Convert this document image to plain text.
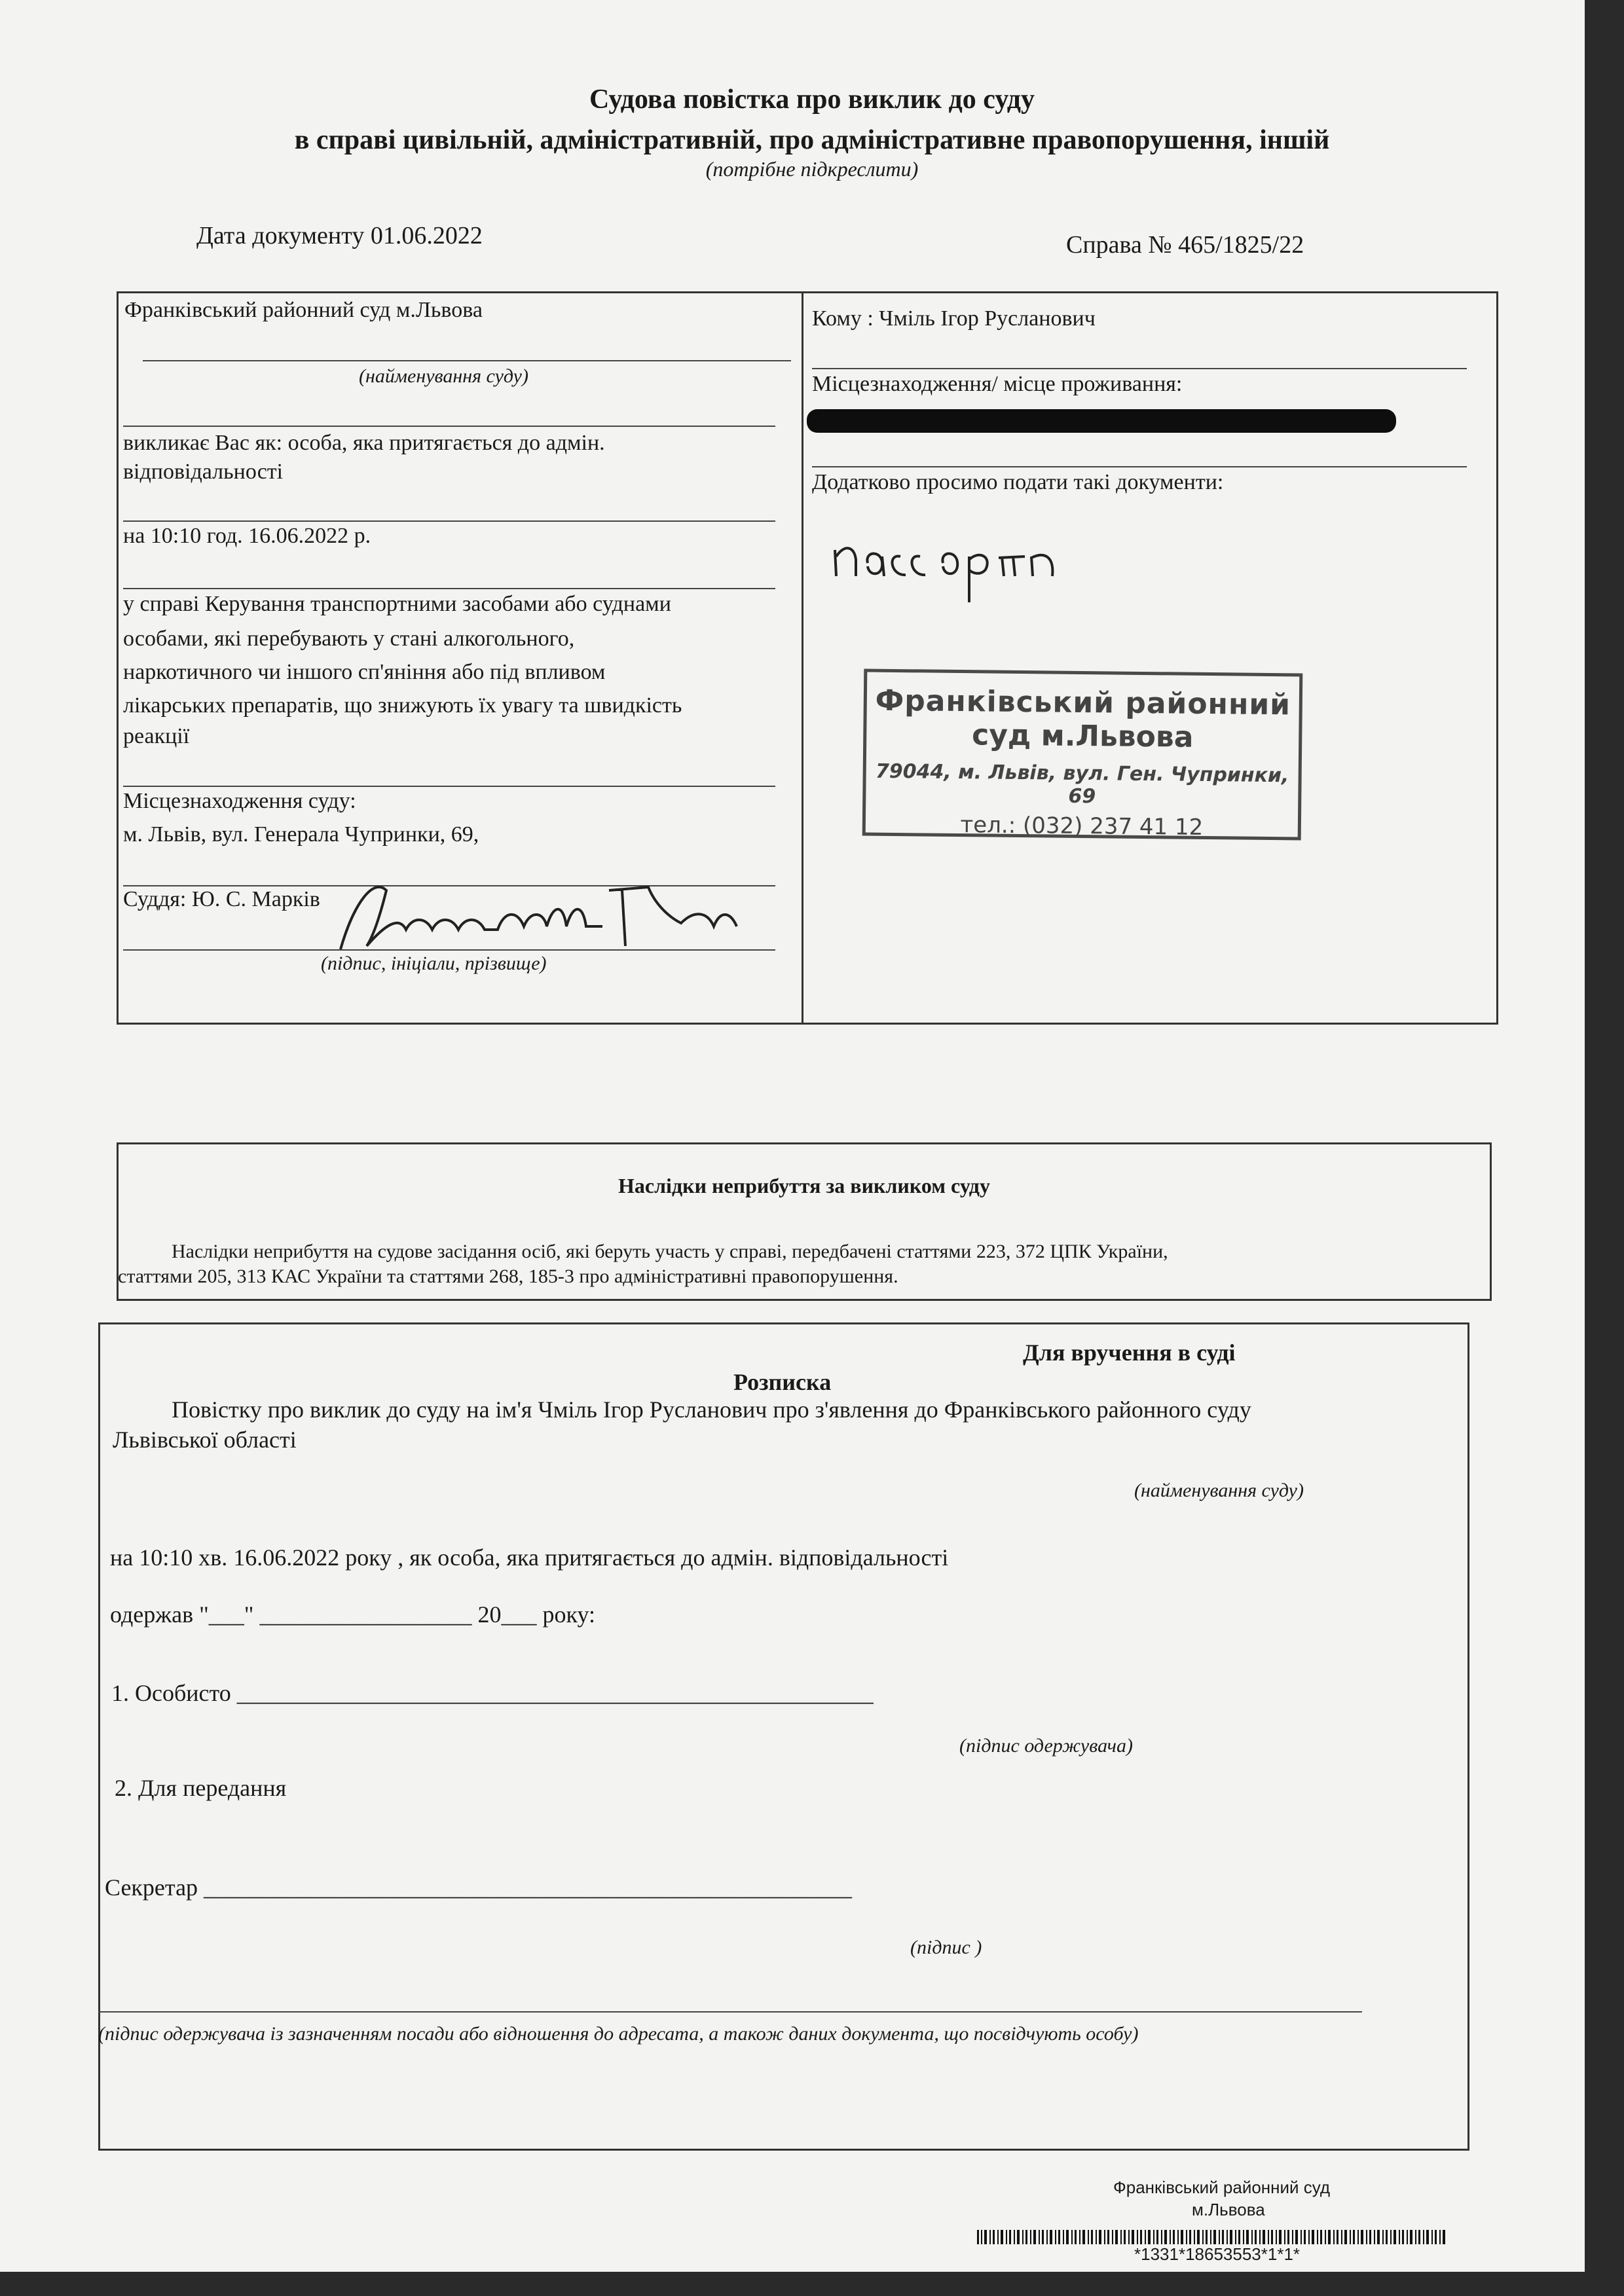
Судова повістка про виклик до суду
в справі цивільній, адміністративній, про адміністративне правопорушення, іншій
(потрібне підкреслити)
Дата документу 01.06.2022	Справа № 465/1825/22
Франківський районний суд м.Львова
(найменування суду)
викликає Вас як: особа, яка притягається до адмін.
відповідальності
на 10:10 год. 16.06.2022 р.
у справі Керування транспортними засобами або суднами
особами, які перебувають у стані алкогольного,
наркотичного чи іншого сп'яніння або під впливом
лікарських препаратів, що знижують їх увагу та швидкість
реакції
Місцезнаходження суду:
м. Львів, вул. Генерала Чупринки, 69,
Суддя: Ю. С. Марків
(підпис, ініціали, прізвище)
Кому : Чміль Ігор Русланович
Місцезнаходження/ місце проживання:
Додатково просимо подати такі документи:
Франківський районний
суд м.Львова
79044, м. Львів, вул. Ген. Чупринки, 69
тел.: (032) 237 41 12
Наслідки неприбуття за викликом суду
Наслідки неприбуття на судове засідання осіб, які беруть участь у справі, передбачені статтями 223, 372 ЦПК України,
статтями 205, 313 КАС України та статтями 268, 185-3 про адміністративні правопорушення.
Для вручення в суді
Розписка
Повістку про виклик до суду на ім'я Чміль Ігор Русланович про з'явлення до Франківського районного суду
Львівської області
(найменування суду)
на 10:10 хв. 16.06.2022 року , як особа, яка притягається до адмін. відповідальності
одержав "___" __________________ 20___ року:
1. Особисто ______________________________________________________
(підпис одержувача)
2. Для передання
Секретар _______________________________________________________
(підпис )
(підпис одержувача із зазначенням посади або відношення до адресата, а також даних документа, що посвідчують особу)
Франківський районний суд
м.Львова
*1331*18653553*1*1*
